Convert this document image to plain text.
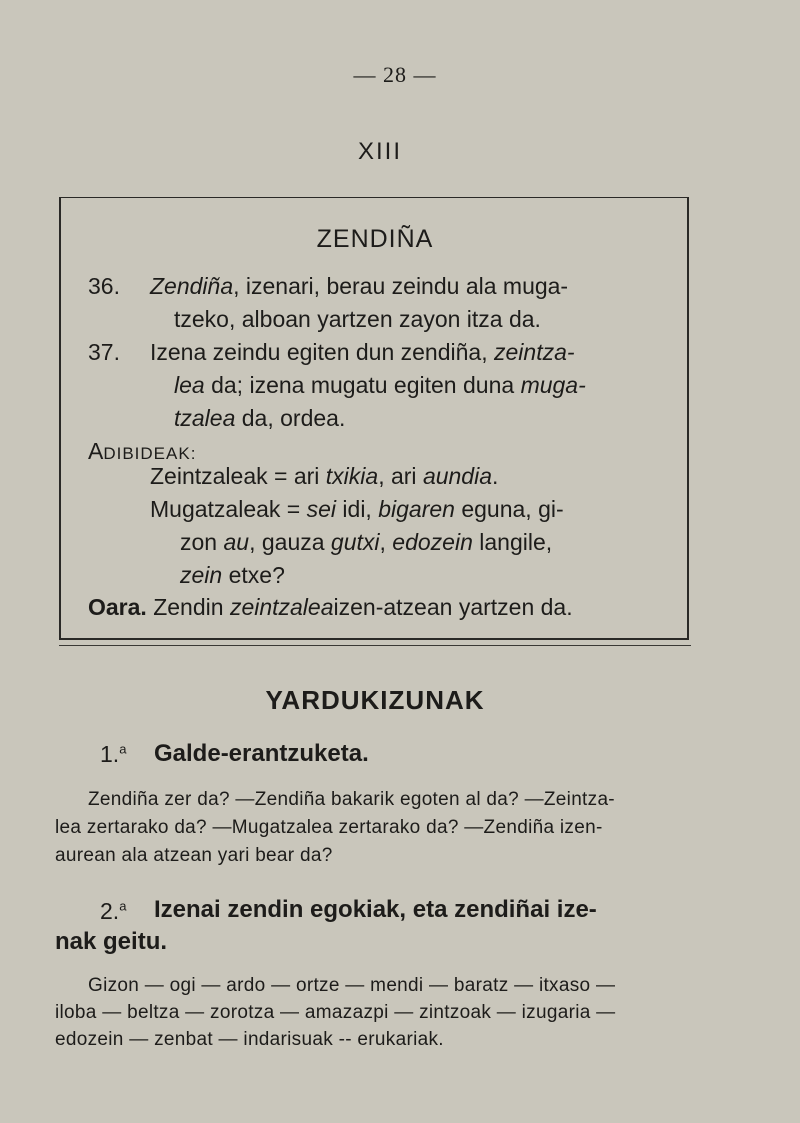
— 28 —
XIII
ZENDIÑA
36. Zendiña, izenari, berau zeindu ala muga-
tzeko, alboan yartzen zayon itza da.
37. Izena zeindu egiten dun zendiña, zeintza-
lea da; izena mugatu egiten duna muga-
tzalea da, ordea.
ADIBIDEAK:
Zeintzaleak = ari txikia, ari aundia.
Mugatzaleak = sei idi, bigaren eguna, gi-
zon au, gauza gutxi, edozein langile,
zein etxe?
Oara. Zendin zeintzaleaizen-atzean yartzen da.
YARDUKIZUNAK
1.$^a$ Galde-erantzuketa.
Zendiña zer da? —Zendiña bakarik egoten al da? —Zeintza-
lea zertarako da? —Mugatzalea zertarako da? —Zendiña izen-
aurean ala atzean yari bear da?
2.$^a$ Izenai zendin egokiak, eta zendiñai ize-
nak geitu.
Gizon — ogi — ardo — ortze — mendi — baratz — itxaso —
iloba — beltza — zorotza — amazazpi — zintzoak — izugaria —
edozein — zenbat — indarisuak -- erukariak.
